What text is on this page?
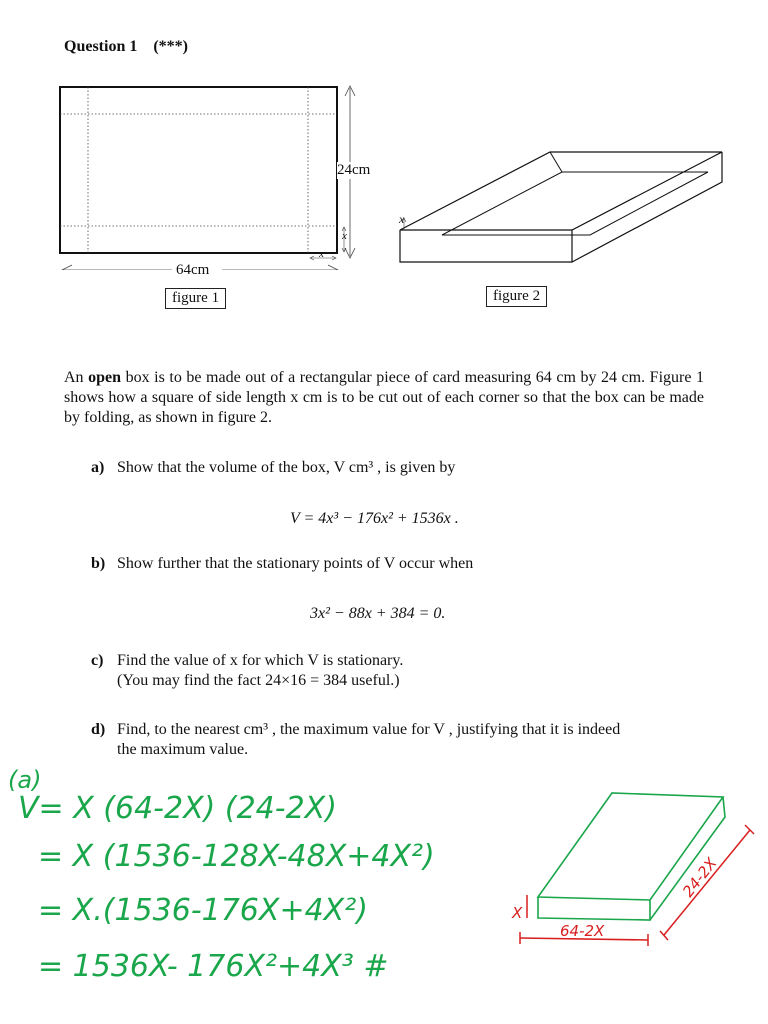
Question 1 (***)
24cm
64cm
x
x
figure 1
x
figure 2
An open box is to be made out of a rectangular piece of card measuring 64 cm by 24 cm. Figure 1 shows how a square of side length x cm is to be cut out of each corner so that the box can be made by folding, as shown in figure 2.
a) Show that the volume of the box, V cm³ , is given by
V = 4x³ − 176x² + 1536x .
b) Show further that the stationary points of V occur when
3x² − 88x + 384 = 0.
c) Find the value of x for which V is stationary.
(You may find the fact 24×16 = 384 useful.)
d) Find, to the nearest cm³ , the maximum value for V , justifying that it is indeed
the maximum value.
(a)
V= X (64-2X) (24-2X)
= X (1536-128X-48X+4X²)
= X.(1536-176X+4X²)
= 1536X- 176X²+4X³ #
X
64-2X
24-2X
